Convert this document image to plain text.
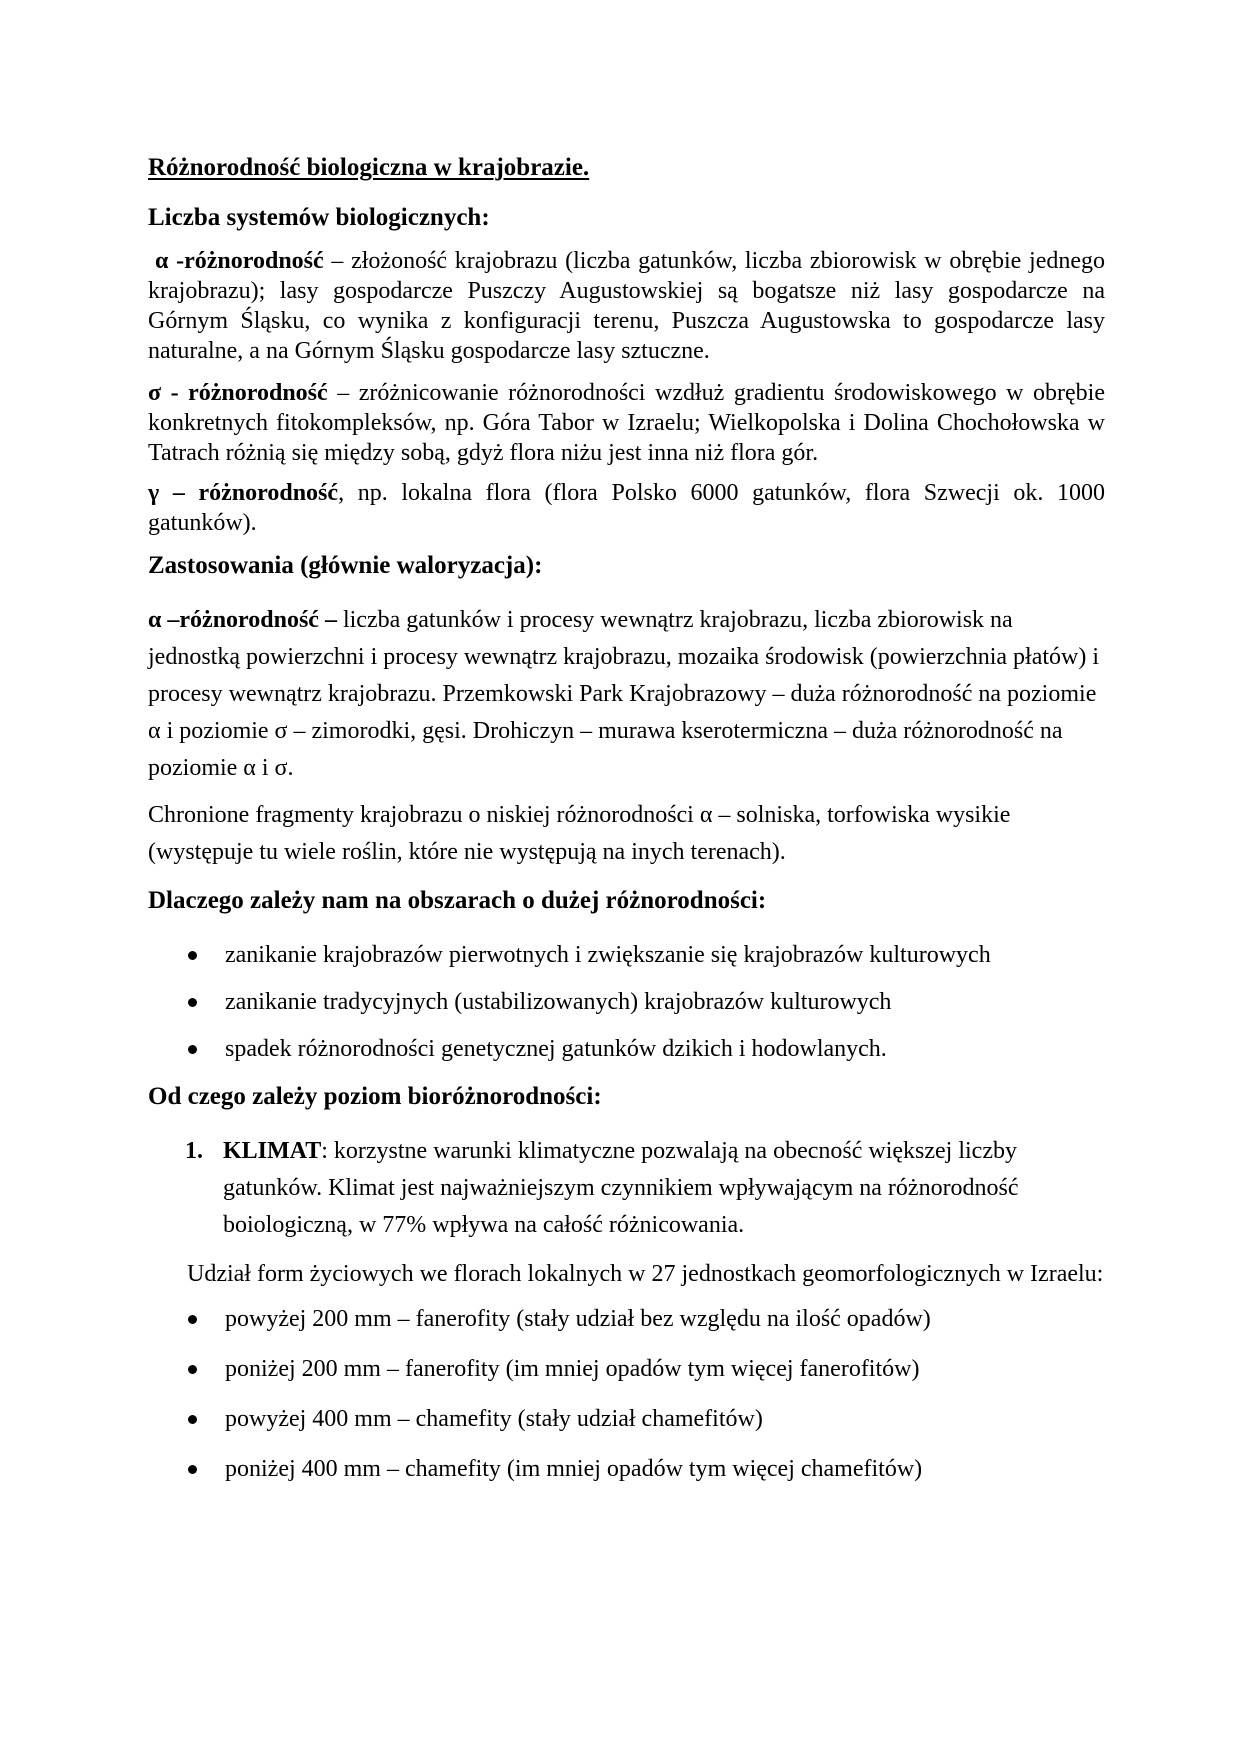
Różnorodność biologiczna w krajobrazie.
Liczba systemów biologicznych:

α -różnorodność – złożoność krajobrazu (liczba gatunków, liczba zbiorowisk w obrębie jednego krajobrazu); lasy gospodarcze Puszczy Augustowskiej są bogatsze niż lasy gospodarcze na Górnym Śląsku, co wynika z konfiguracji terenu, Puszcza Augustowska to gospodarcze lasy naturalne, a na Górnym Śląsku gospodarcze lasy sztuczne.

σ - różnorodność – zróżnicowanie różnorodności wzdłuż gradientu środowiskowego w obrębie konkretnych fitokompleksów, np. Góra Tabor w Izraelu; Wielkopolska i Dolina Chochołowska w Tatrach różnią się między sobą, gdyż flora niżu jest inna niż flora gór.

γ – różnorodność, np. lokalna flora (flora Polsko 6000 gatunków, flora Szwecji ok. 1000 gatunków).

Zastosowania (głównie waloryzacja):

α –różnorodność – liczba gatunków i procesy wewnątrz krajobrazu, liczba zbiorowisk na jednostką powierzchni i procesy wewnątrz krajobrazu, mozaika środowisk (powierzchnia płatów) i procesy wewnątrz krajobrazu. Przemkowski Park Krajobrazowy – duża różnorodność na poziomie α i poziomie σ – zimorodki, gęsi. Drohiczyn – murawa kserotermiczna – duża różnorodność na poziomie α i σ.

Chronione fragmenty krajobrazu o niskiej różnorodności α – solniska, torfowiska wysikie (występuje tu wiele roślin, które nie występują na inych terenach).

Dlaczego zależy nam na obszarach o dużej różnorodności:
zanikanie krajobrazów pierwotnych i zwiększanie się krajobrazów kulturowych
zanikanie tradycyjnych (ustabilizowanych) krajobrazów kulturowych
spadek różnorodności genetycznej gatunków dzikich i hodowlanych.
Od czego zależy poziom bioróżnorodności:
1. KLIMAT: korzystne warunki klimatyczne pozwalają na obecność większej liczby gatunków. Klimat jest najważniejszym czynnikiem wpływającym na różnorodność boiologiczną, w 77% wpływa na całość różnicowania.

Udział form życiowych we florach lokalnych w 27 jednostkach geomorfologicznych w Izraelu:

powyżej 200 mm – fanerofity (stały udział bez względu na ilość opadów)
poniżej 200 mm – fanerofity (im mniej opadów tym więcej fanerofitów)
powyżej 400 mm – chamefity (stały udział chamefitów)
poniżej 400 mm – chamefity (im mniej opadów tym więcej chamefitów)
